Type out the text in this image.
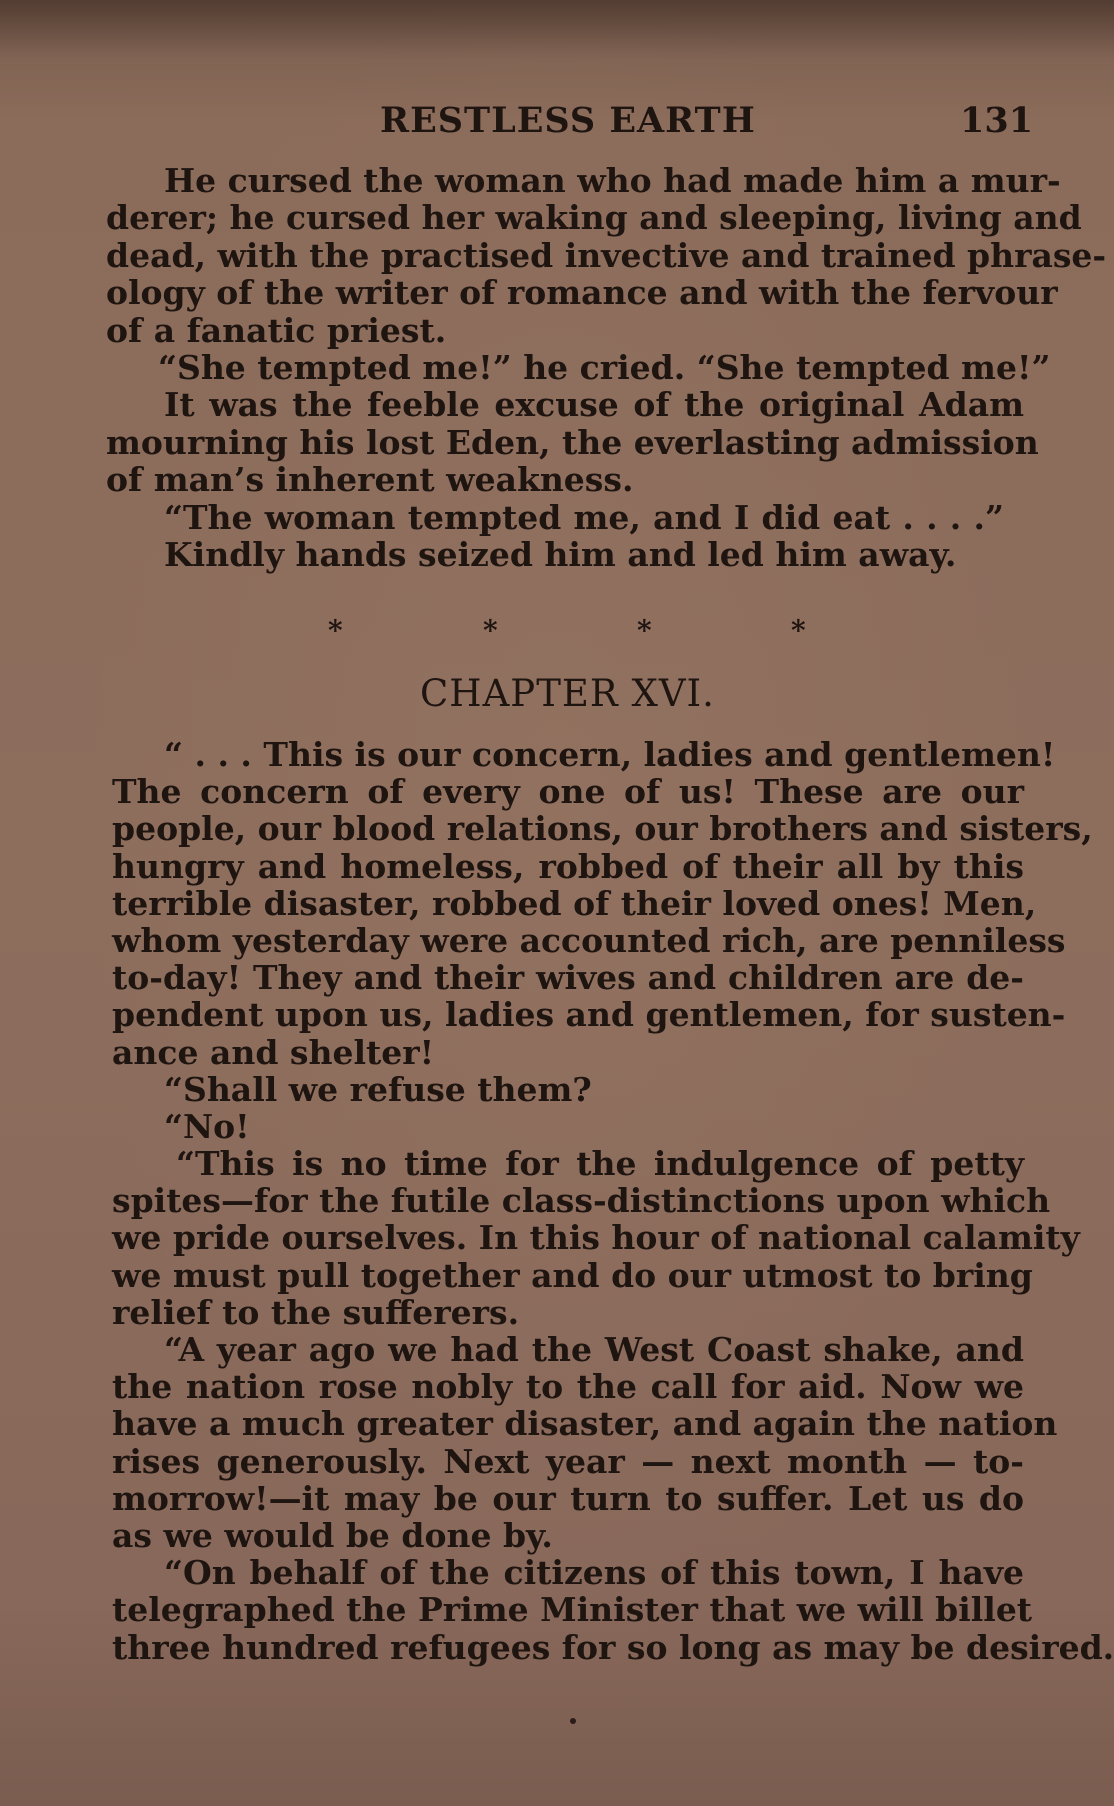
RESTLESS EARTH	131
He cursed the woman who had made him a mur-
derer; he cursed her waking and sleeping, living and
dead, with the practised invective and trained phrase-
ology of the writer of romance and with the fervour
of a fanatic priest.
“She tempted me!” he cried. “She tempted me!”
It was the feeble excuse of the original Adam
mourning his lost Eden, the everlasting admission
of man’s inherent weakness.
“The woman tempted me, and I did eat . . . .”
Kindly hands seized him and led him away.
*	*	*	*
CHAPTER XVI.
“ . . . This is our concern, ladies and gentlemen!
The concern of every one of us! These are our
people, our blood relations, our brothers and sisters,
hungry and homeless, robbed of their all by this
terrible disaster, robbed of their loved ones! Men,
whom yesterday were accounted rich, are penniless
to-day! They and their wives and children are de-
pendent upon us, ladies and gentlemen, for susten-
ance and shelter!
“Shall we refuse them?
“No!
“This is no time for the indulgence of petty
spites—for the futile class-distinctions upon which
we pride ourselves. In this hour of national calamity
we must pull together and do our utmost to bring
relief to the sufferers.
“A year ago we had the West Coast shake, and
the nation rose nobly to the call for aid. Now we
have a much greater disaster, and again the nation
rises generously. Next year — next month — to-
morrow!—it may be our turn to suffer. Let us do
as we would be done by.
“On behalf of the citizens of this town, I have
telegraphed the Prime Minister that we will billet
three hundred refugees for so long as may be desired.
